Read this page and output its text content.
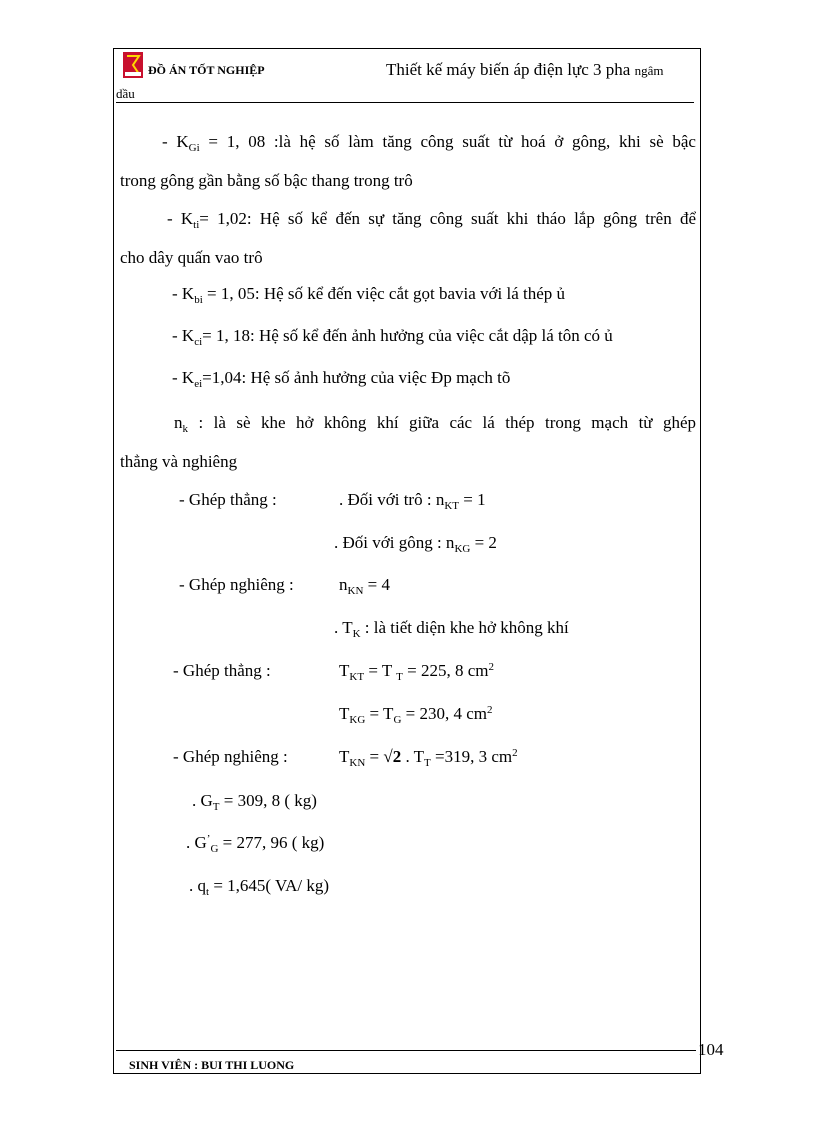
ĐỒ ÁN TỐT NGHIỆP	Thiết kế máy biến áp điện lực 3 pha ngâm
dầu
- $K_{Gi} = 1$, 08 :là hệ số làm tăng công suất từ hoá ở gông, khi sè bậc
trong gông gần bằng số bậc thang trong trô
- $K_{ti}= 1,02$: Hệ số kể đến sự tăng công suất khi tháo lắp gông trên để
cho dây quấn vao trô
- $K_{bi} = 1$, 05: Hệ số kể đến việc cắt gọt bavia với lá thép ủ
- $K_{ci}= 1$, 18: Hệ số kể đến ảnh hưởng của việc cắt dập lá tôn có ủ
- $K_{ei}=1,04$: Hệ số ảnh hưởng của việc Đp mạch tõ
$n_k$ : là sè khe hở không khí giữa các lá thép trong mạch từ ghép
thẳng và nghiêng
- Ghép thẳng :	. Đối với trô : $n_{KT} = 1$
. Đối với gông : $n_{KG} = 2$
- Ghép nghiêng :	$n_{KN} = 4$
. $T_K$ : là tiết diện khe hở không khí
- Ghép thẳng :	$T_{KT} = T$ $_T$ = 225, 8 $cm^2$
$T_{KG} = T_G = 230$, 4 $cm^2$
- Ghép nghiêng :	$T_{KN} = √2$ . $T_T =319$, 3 $cm^2$
. $G_T = 309$, 8 ( kg)
. $G^’_G = 277$, 96 ( kg)
. $q_t = 1,645$( VA/ kg)
104
SINH VIÊN : BUI THI LUONG
